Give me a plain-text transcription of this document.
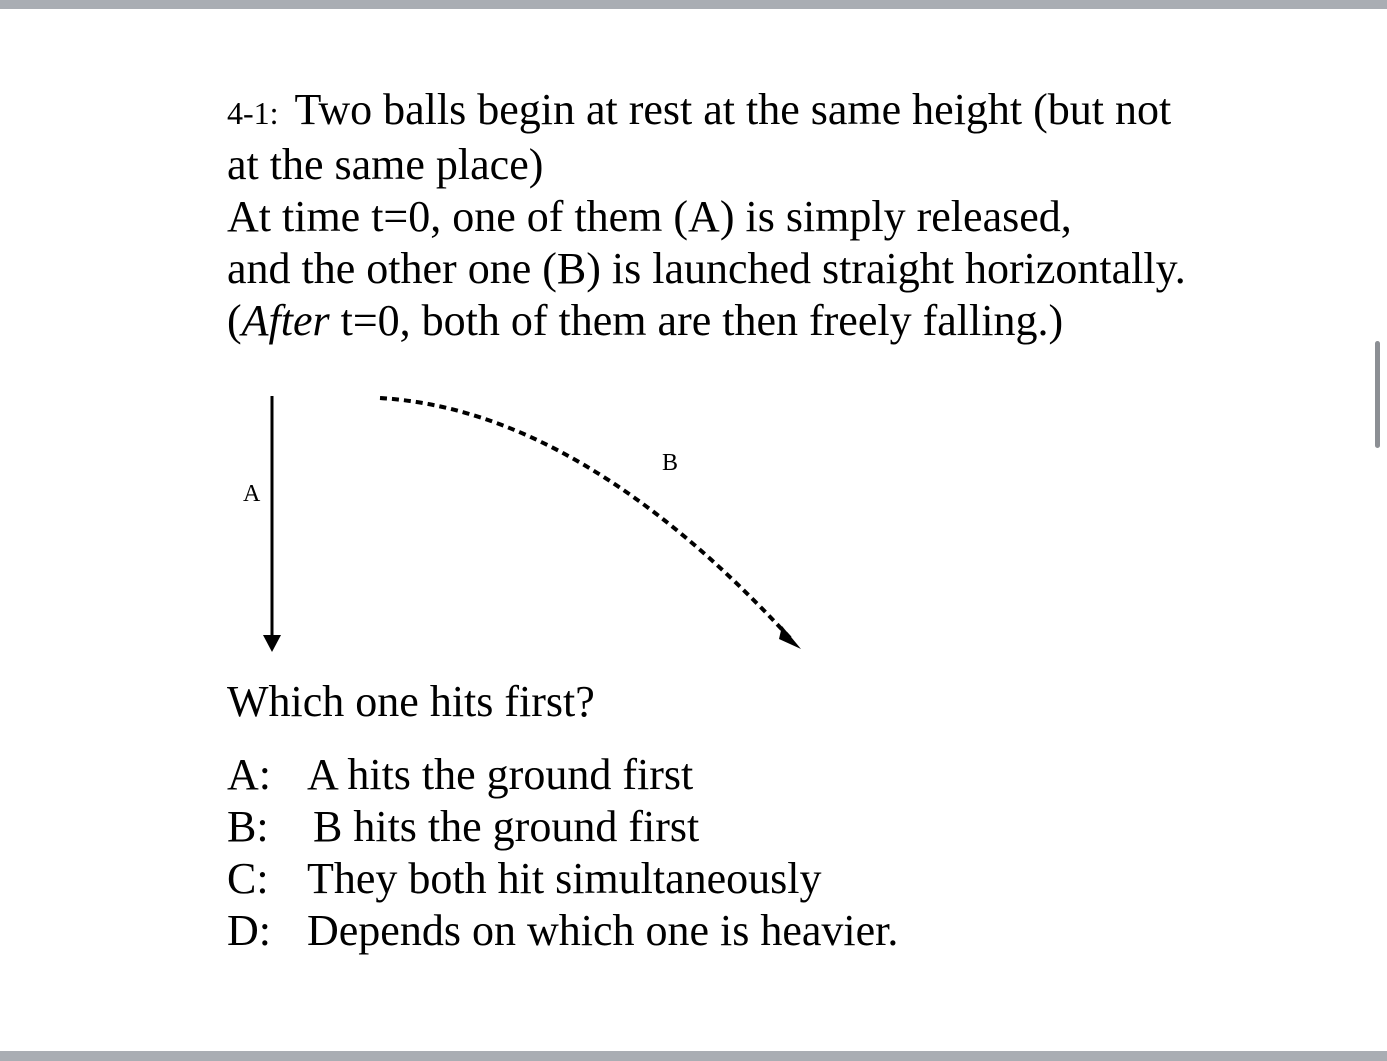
4-1: Two balls begin at rest at the same height (but not
at the same place)
At time t=0, one of them (A) is simply released,
and the other one (B) is launched straight horizontally.
(After t=0, both of them are then freely falling.)
A
B
Which one hits first?
A: A hits the ground first
B: B hits the ground first
C: They both hit simultaneously
D: Depends on which one is heavier.
